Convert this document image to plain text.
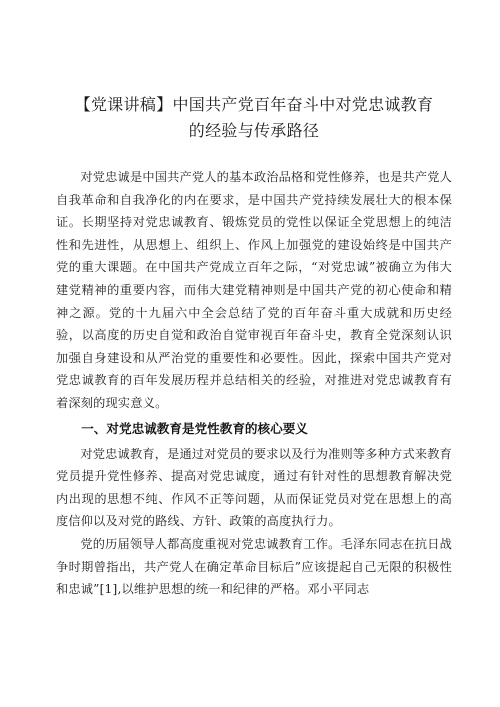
【党课讲稿】中国共产党百年奋斗中对党忠诚教育
的经验与传承路径

对党忠诚是中国共产党人的基本政治品格和党性修养，也是共产党人自我革命和自我净化的内在要求，是中国共产党持续发展壮大的根本保证。长期坚持对党忠诚教育、锻炼党员的党性以保证全党思想上的纯洁性和先进性，从思想上、组织上、作风上加强党的建设始终是中国共产党的重大课题。在中国共产党成立百年之际，“对党忠诚”被确立为伟大建党精神的重要内容，而伟大建党精神则是中国共产党的初心使命和精神之源。党的十九届六中全会总结了党的百年奋斗重大成就和历史经验，以高度的历史自觉和政治自觉审视百年奋斗史，教育全党深刻认识加强自身建设和从严治党的重要性和必要性。因此，探索中国共产党对党忠诚教育的百年发展历程并总结相关的经验，对推进对党忠诚教育有着深刻的现实意义。

一、对党忠诚教育是党性教育的核心要义

对党忠诚教育，是通过对党员的要求以及行为准则等多种方式来教育党员提升党性修养、提高对党忠诚度，通过有针对性的思想教育解决党内出现的思想不纯、作风不正等问题，从而保证党员对党在思想上的高度信仰以及对党的路线、方针、政策的高度执行力。

党的历届领导人都高度重视对党忠诚教育工作。毛泽东同志在抗日战争时期曾指出，共产党人在确定革命目标后”应该提起自己无限的积极性和忠诚”[1],以维护思想的统一和纪律的严格。邓小平同志
